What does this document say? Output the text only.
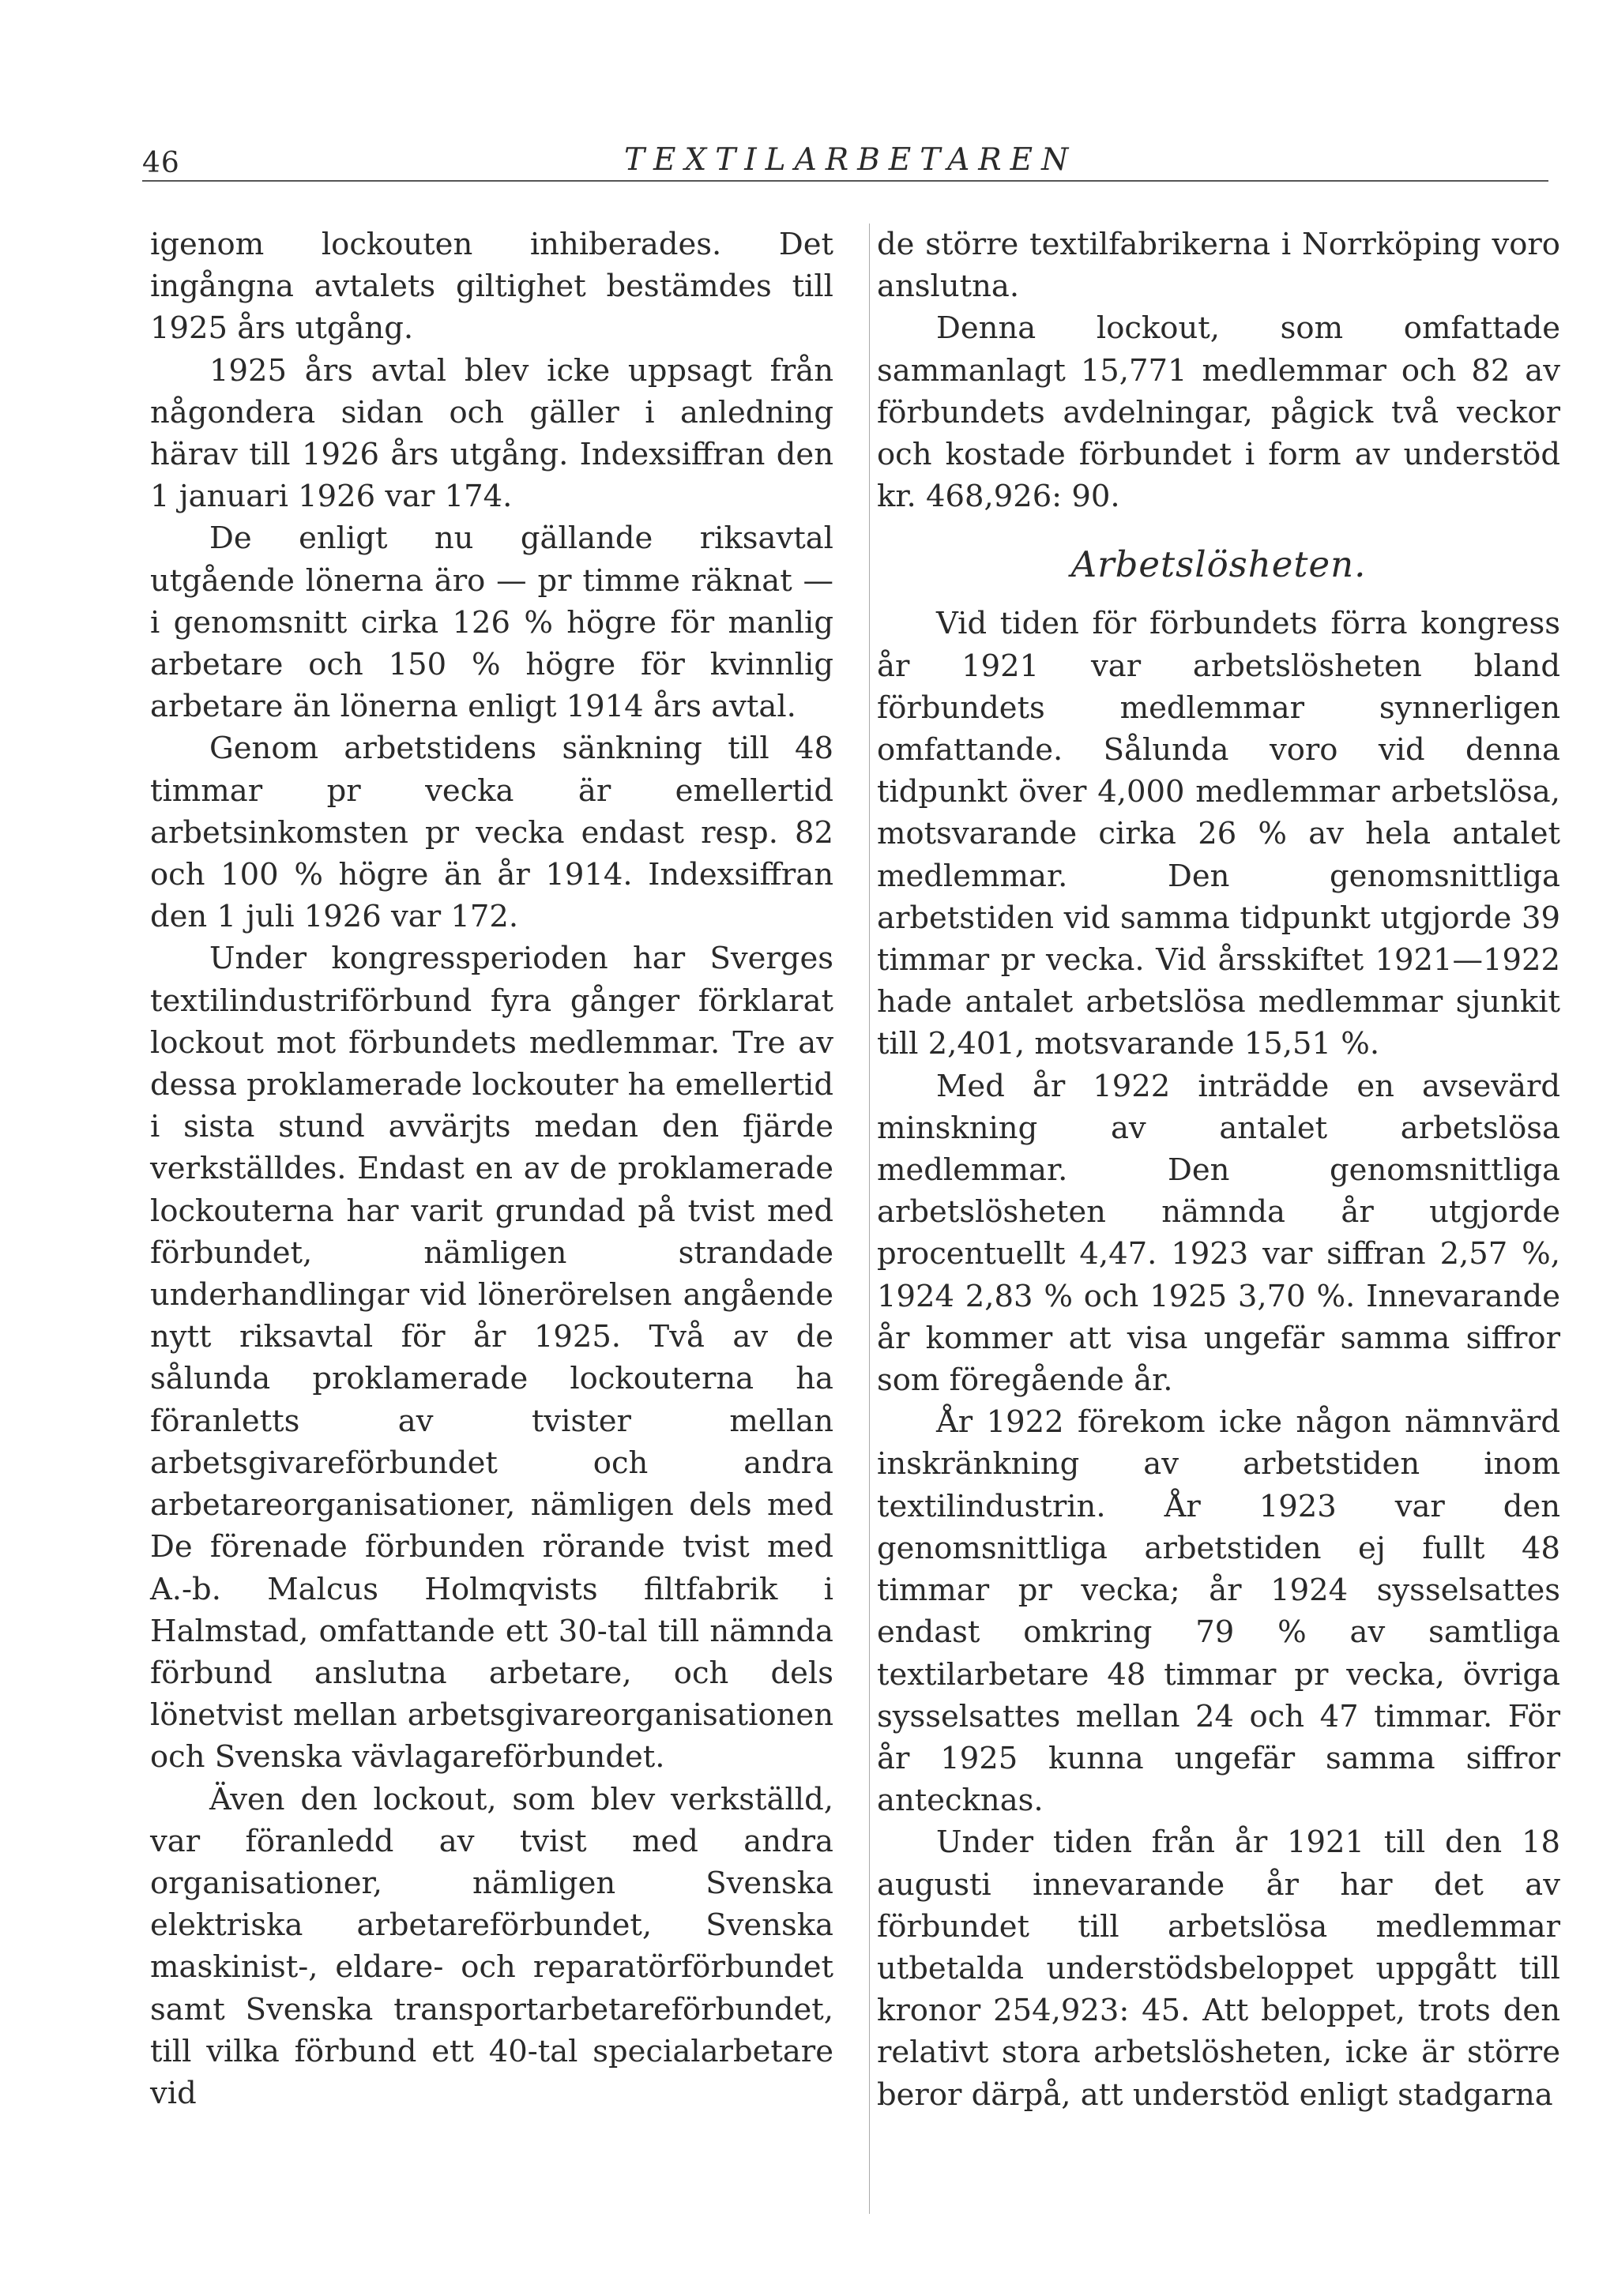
46	TEXTILARBETAREN

igenom lockouten inhiberades. Det ingångna avtalets giltighet bestämdes till 1925 års utgång.

1925 års avtal blev icke uppsagt från någondera sidan och gäller i anledning härav till 1926 års utgång. Indexsiffran den 1 januari 1926 var 174.

De enligt nu gällande riksavtal utgående lönerna äro — pr timme räknat — i genomsnitt cirka 126 % högre för manlig arbetare och 150 % högre för kvinnlig arbetare än lönerna enligt 1914 års avtal.

Genom arbetstidens sänkning till 48 timmar pr vecka är emellertid arbetsinkomsten pr vecka endast resp. 82 och 100 % högre än år 1914. Indexsiffran den 1 juli 1926 var 172.

Under kongressperioden har Sverges textilindustriförbund fyra gånger förklarat lockout mot förbundets medlemmar. Tre av dessa proklamerade lockouter ha emellertid i sista stund avvärjts medan den fjärde verkställdes. Endast en av de proklamerade lockouterna har varit grundad på tvist med förbundet, nämligen strandade underhandlingar vid lönerörelsen angående nytt riksavtal för år 1925. Två av de sålunda proklamerade lockouterna ha föranletts av tvister mellan arbetsgivareförbundet och andra arbetareorganisationer, nämligen dels med De förenade förbunden rörande tvist med A.-b. Malcus Holmqvists filtfabrik i Halmstad, omfattande ett 30-tal till nämnda förbund anslutna arbetare, och dels lönetvist mellan arbetsgivareorganisationen och Svenska vävlagareförbundet.

Även den lockout, som blev verkställd, var föranledd av tvist med andra organisationer, nämligen Svenska elektriska arbetareförbundet, Svenska maskinist-, eldare- och reparatörförbundet samt Svenska transportarbetareförbundet, till vilka förbund ett 40-tal specialarbetare vid

de större textilfabrikerna i Norrköping voro anslutna.

Denna lockout, som omfattade sammanlagt 15,771 medlemmar och 82 av förbundets avdelningar, pågick två veckor och kostade förbundet i form av understöd kr. 468,926: 90.

Arbetslösheten.

Vid tiden för förbundets förra kongress år 1921 var arbetslösheten bland förbundets medlemmar synnerligen omfattande. Sålunda voro vid denna tidpunkt över 4,000 medlemmar arbetslösa, motsvarande cirka 26 % av hela antalet medlemmar. Den genomsnittliga arbetstiden vid samma tidpunkt utgjorde 39 timmar pr vecka. Vid årsskiftet 1921—1922 hade antalet arbetslösa medlemmar sjunkit till 2,401, motsvarande 15,51 %.

Med år 1922 inträdde en avsevärd minskning av antalet arbetslösa medlemmar. Den genomsnittliga arbetslösheten nämnda år utgjorde procentuellt 4,47. 1923 var siffran 2,57 %, 1924 2,83 % och 1925 3,70 %. Innevarande år kommer att visa ungefär samma siffror som föregående år.

År 1922 förekom icke någon nämnvärd inskränkning av arbetstiden inom textilindustrin. År 1923 var den genomsnittliga arbetstiden ej fullt 48 timmar pr vecka; år 1924 sysselsattes endast omkring 79 % av samtliga textilarbetare 48 timmar pr vecka, övriga sysselsattes mellan 24 och 47 timmar. För år 1925 kunna ungefär samma siffror antecknas.

Under tiden från år 1921 till den 18 augusti innevarande år har det av förbundet till arbetslösa medlemmar utbetalda understödsbeloppet uppgått till kronor 254,923: 45. Att beloppet, trots den relativt stora arbetslösheten, icke är större beror därpå, att understöd enligt stadgarna
